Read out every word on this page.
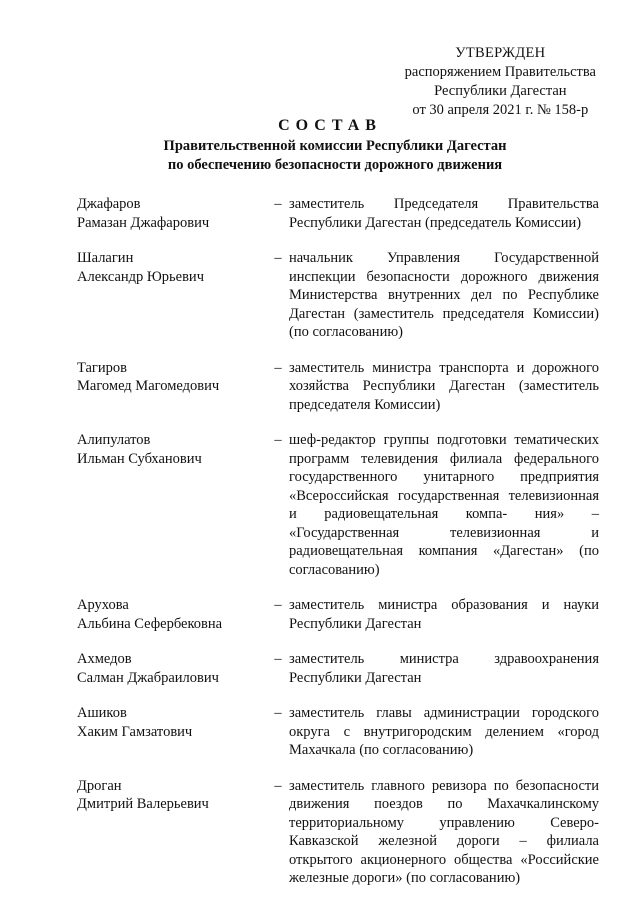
УТВЕРЖДЕН
распоряжением Правительства
Республики Дагестан
от 30 апреля 2021 г. № 158-р
СОСТАВ
Правительственной комиссии Республики Дагестан
по обеспечению безопасности дорожного движения
Джафаров
Рамазан Джафарович
– заместитель Председателя Правительства Республики Дагестан (председатель Комиссии)
Шалагин
Александр Юрьевич
– начальник Управления Государственной инспекции безопасности дорожного движения Министерства внутренних дел по Республике Дагестан (заместитель председателя Комиссии) (по согласованию)
Тагиров
Магомед Магомедович
– заместитель министра транспорта и дорожного хозяйства Республики Дагестан (заместитель председателя Комиссии)
Алипулатов
Ильман Субханович
– шеф-редактор группы подготовки тематических программ телевидения филиала федерального государственного унитарного предприятия «Всероссийская государственная телевизионная и радиовещательная компа- ния» – «Государственная телевизионная и радиовещательная компания «Дагестан» (по согласованию)
Арухова
Альбина Сефербековна
– заместитель министра образования и науки Республики Дагестан
Ахмедов
Салман Джабраилович
– заместитель министра здравоохранения Республики Дагестан
Ашиков
Хаким Гамзатович
– заместитель главы администрации городского округа с внутригородским делением «город Махачкала (по согласованию)
Дроган
Дмитрий Валерьевич
– заместитель главного ревизора по безопасности движения поездов по Махачкалинскому территориальному управлению Северо-Кавказской железной дороги – филиала открытого акционерного общества «Российские железные дороги» (по согласованию)
